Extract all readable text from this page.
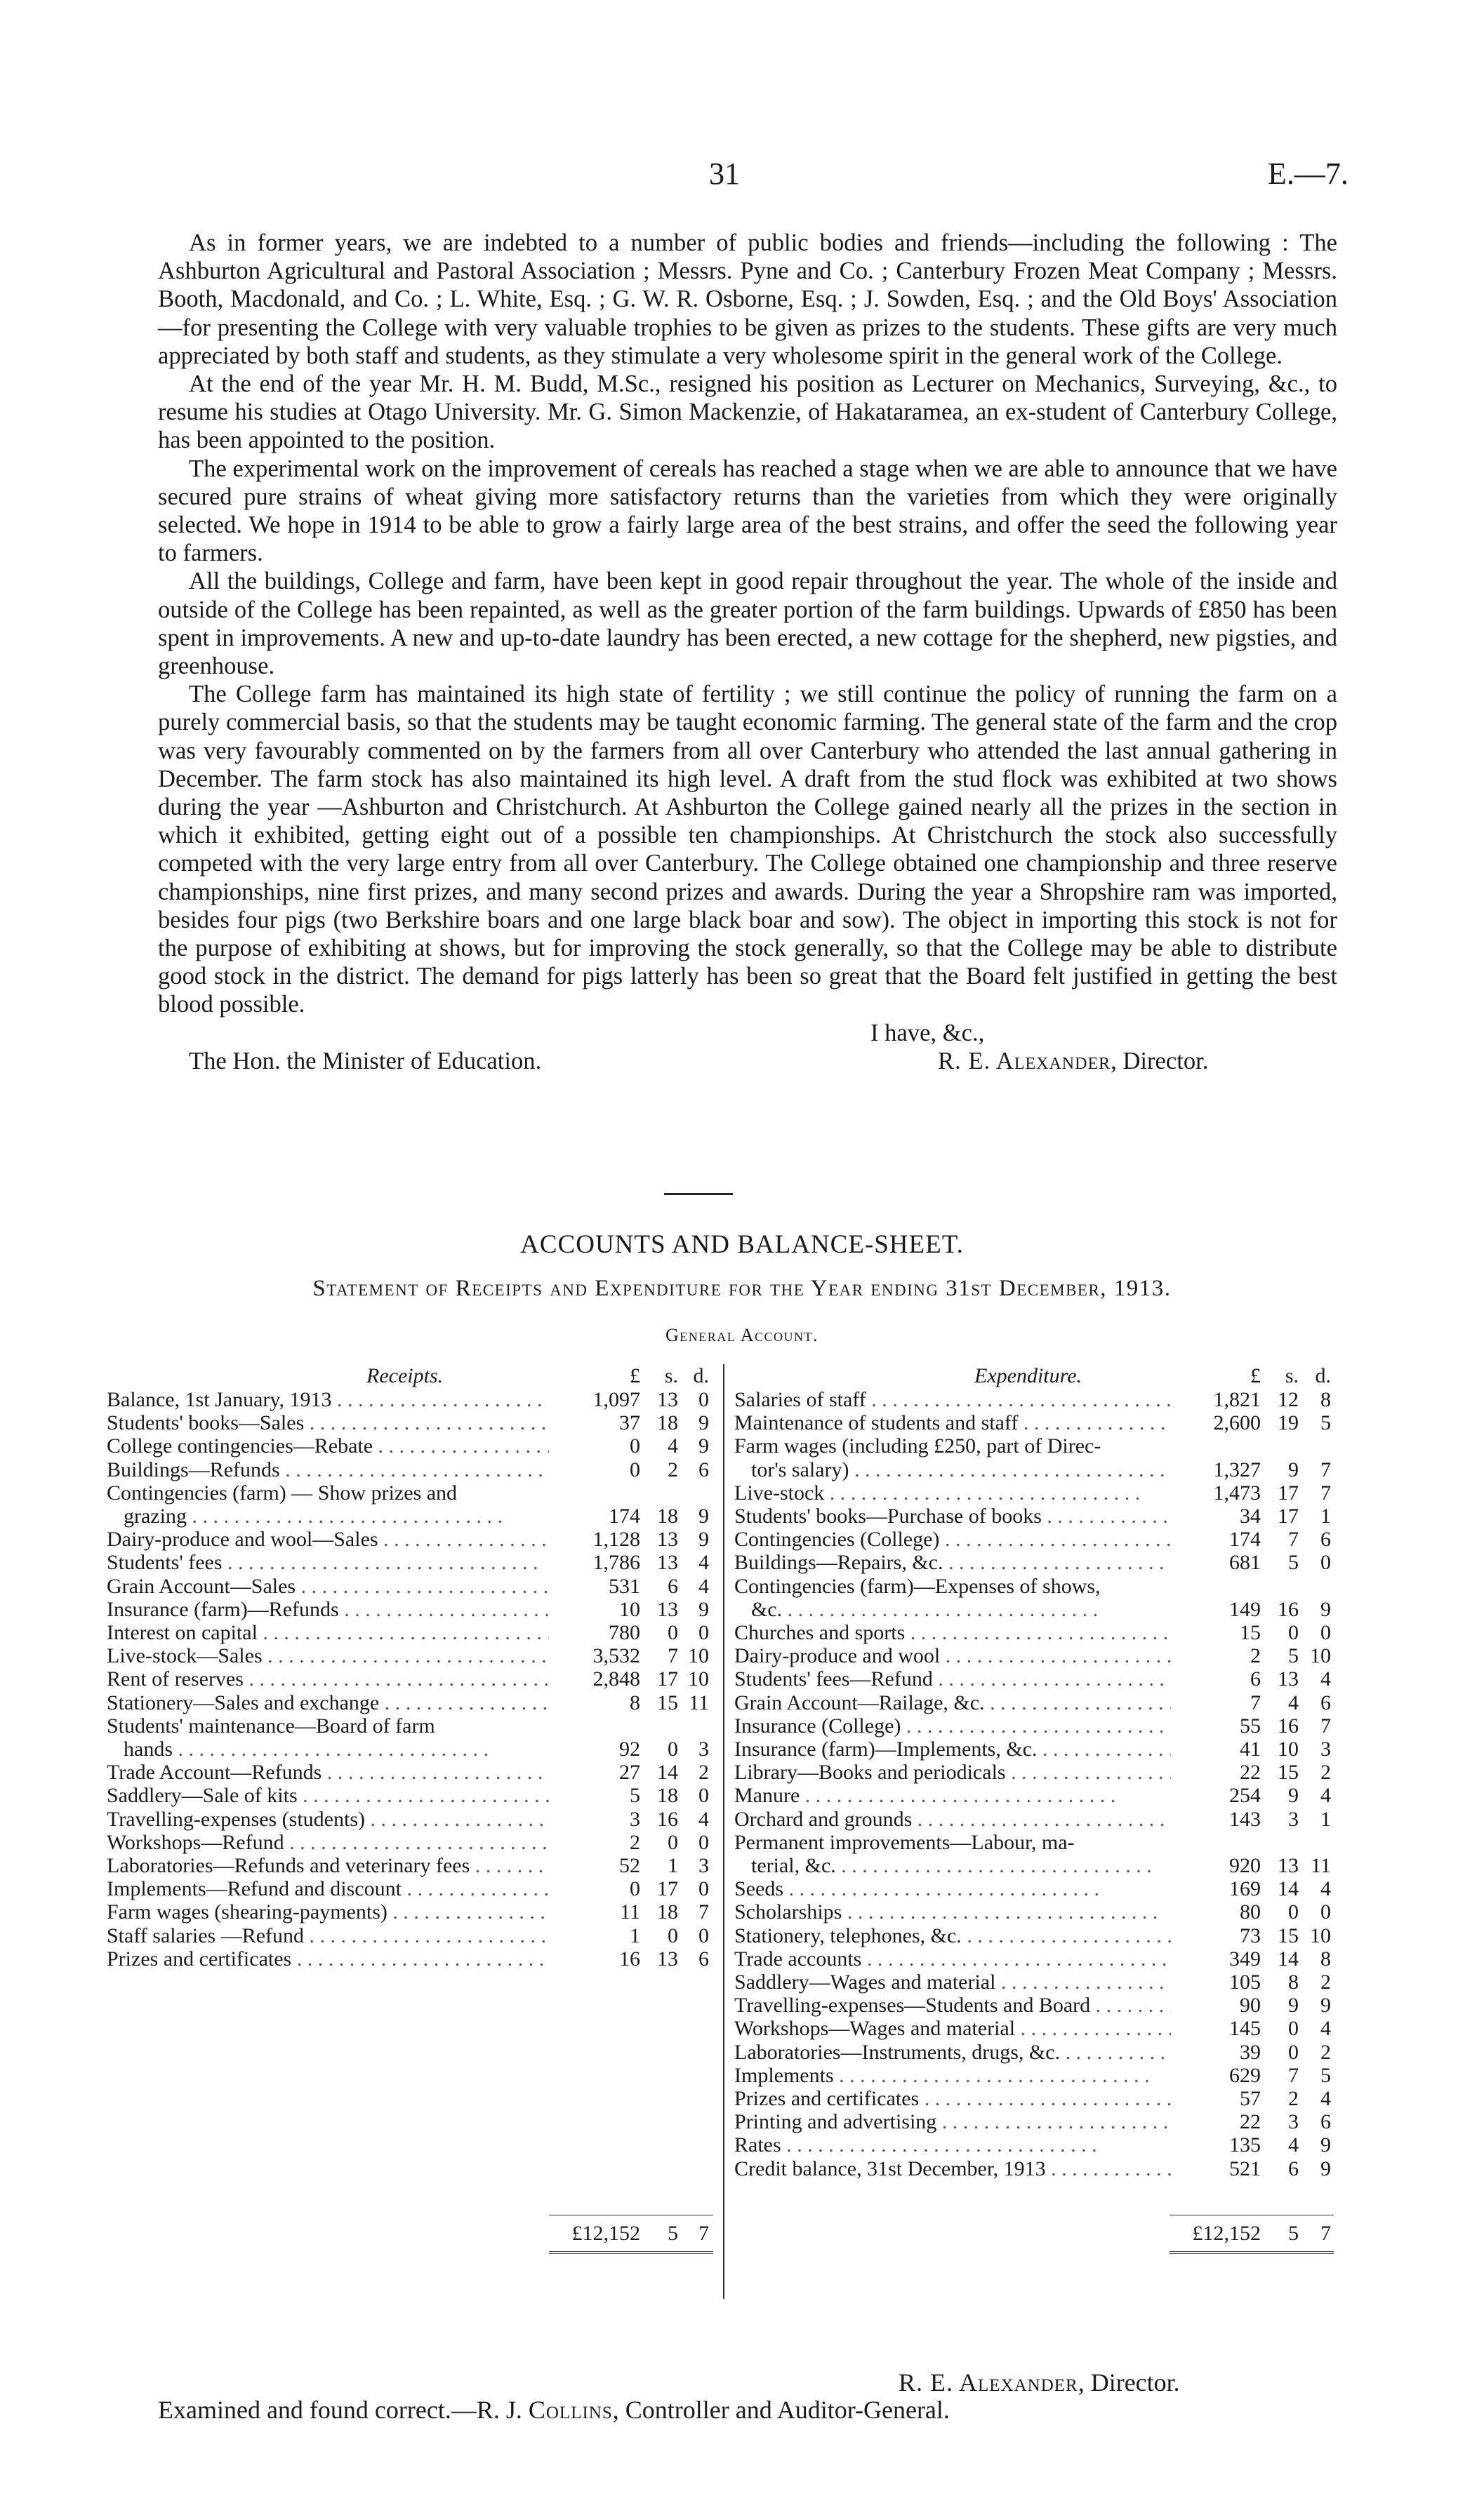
31	E.—7.

As in former years, we are indebted to a number of public bodies and friends—including the following : The Ashburton Agricultural and Pastoral Association ; Messrs. Pyne and Co. ; Canterbury Frozen Meat Company ; Messrs. Booth, Macdonald, and Co. ; L. White, Esq. ; G. W. R. Osborne, Esq. ; J. Sowden, Esq. ; and the Old Boys' Association—for presenting the College with very valuable trophies to be given as prizes to the students. These gifts are very much appreciated by both staff and students, as they stimulate a very wholesome spirit in the general work of the College.

At the end of the year Mr. H. M. Budd, M.Sc., resigned his position as Lecturer on Mechanics, Surveying, &c., to resume his studies at Otago University. Mr. G. Simon Mackenzie, of Hakataramea, an ex-student of Canterbury College, has been appointed to the position.

The experimental work on the improvement of cereals has reached a stage when we are able to announce that we have secured pure strains of wheat giving more satisfactory returns than the varieties from which they were originally selected. We hope in 1914 to be able to grow a fairly large area of the best strains, and offer the seed the following year to farmers.

All the buildings, College and farm, have been kept in good repair throughout the year. The whole of the inside and outside of the College has been repainted, as well as the greater portion of the farm buildings. Upwards of £850 has been spent in improvements. A new and up-to-date laundry has been erected, a new cottage for the shepherd, new pigsties, and greenhouse.

The College farm has maintained its high state of fertility ; we still continue the policy of running the farm on a purely commercial basis, so that the students may be taught economic farming. The general state of the farm and the crop was very favourably commented on by the farmers from all over Canterbury who attended the last annual gathering in December. The farm stock has also maintained its high level. A draft from the stud flock was exhibited at two shows during the year —Ashburton and Christchurch. At Ashburton the College gained nearly all the prizes in the section in which it exhibited, getting eight out of a possible ten championships. At Christchurch the stock also successfully competed with the very large entry from all over Canterbury. The College obtained one championship and three reserve championships, nine first prizes, and many second prizes and awards. During the year a Shropshire ram was imported, besides four pigs (two Berkshire boars and one large black boar and sow). The object in importing this stock is not for the purpose of exhibiting at shows, but for improving the stock generally, so that the College may be able to distribute good stock in the district. The demand for pigs latterly has been so great that the Board felt justified in getting the best blood possible.

I have, &c.,
The Hon. the Minister of Education.	R. E. Alexander, Director.
ACCOUNTS AND BALANCE-SHEET.
Statement of Receipts and Expenditure for the Year ending 31st December, 1913.
General Account.
Receipts.	£	s. d.
Balance, 1st January, 1913 . .	1,097 13 0
Students' books—Sales . .	37 18 9
College contingencies—Rebate . .	0	4 9
Buildings—Refunds . .	0	2 6
Contingencies (farm) — Show prizes and
grazing . .	174 18 9
Dairy-produce and wool—Sales . .	1,128 13 9
Students' fees . .	1,786 13 4
Grain Account—Sales . .	531	6 4
Insurance (farm)—Refunds . .	10 13 9
Interest on capital . .	780	0 0
Live-stock—Sales . .	3,532	7 10
Rent of reserves . .	2,848 17 10
Stationery—Sales and exchange . .	8 15 11
Students' maintenance—Board of farm
hands . .	92	0 3
Trade Account—Refunds . .	27 14 2
Saddlery—Sale of kits . .	5 18 0
Travelling-expenses (students) . .	3 16 4
Workshops—Refund . .	2	0 0
Laboratories—Refunds and veterinary fees . .	52	1 3
Implements—Refund and discount . .	0 17 0
Farm wages (shearing-payments) . .	11 18 7
Staff salaries —Refund . .	1	0 0
Prizes and certificates . .	16 13 6
£12,152	5 7
Expenditure.	£	s. d.
Salaries of staff . .	1,821 12	8
Maintenance of students and staff . .	2,600 19	5
Farm wages (including £250, part of Direc-
tor's salary) . .	1,327	9	7
Live-stock . .	1,473 17	7
Students' books—Purchase of books . .	34 17	1
Contingencies (College) . .	174	7	6
Buildings—Repairs, &c. . .	681	5	0
Contingencies (farm)—Expenses of shows,
&c. . .	149 16	9
Churches and sports . .	15	0	0
Dairy-produce and wool . .	2	5 10
Students' fees—Refund . .	6 13	4
Grain Account—Railage, &c. . .	7	4	6
Insurance (College) . .	55 16	7
Insurance (farm)—Implements, &c. . .	41 10	3
Library—Books and periodicals . .	22 15	2
Manure . .	254	9	4
Orchard and grounds . .	143	3	1
Permanent improvements—Labour, ma-
terial, &c. . .	920 13 11
Seeds . .	169 14	4
Scholarships . .	80	0	0
Stationery, telephones, &c. . .	73 15 10
Trade accounts . .	349 14	8
Saddlery—Wages and material . .	105	8	2
Travelling-expenses—Students and Board . .	90	9	9
Workshops—Wages and material . .	145	0	4
Laboratories—Instruments, drugs, &c. . .	39	0	2
Implements . .	629	7	5
Prizes and certificates . .	57	2	4
Printing and advertising . .	22	3	6
Rates . .	135	4	9
Credit balance, 31st December, 1913 . .	521	6	9
£12,152	5	7
R. E. Alexander, Director.
Examined and found correct.—R. J. Collins, Controller and Auditor-General.
